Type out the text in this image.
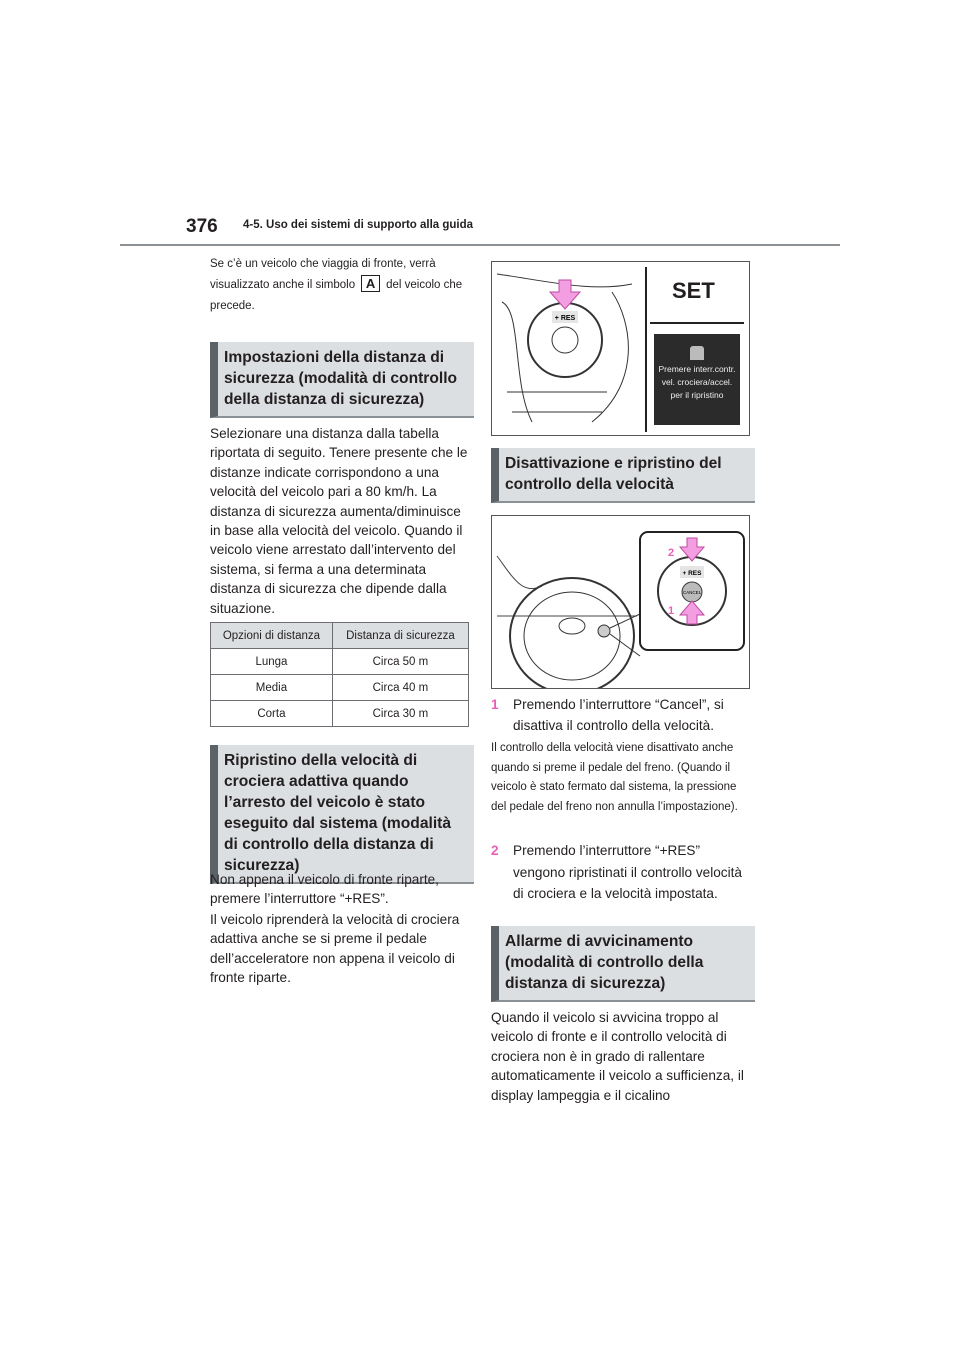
376 4-5. Uso dei sistemi di supporto alla guida
Se c’è un veicolo che viaggia di fronte, verrà visualizzato anche il simbolo A del veicolo che precede.
Impostazioni della distanza di sicurezza (modalità di controllo della distanza di sicurezza)
Selezionare una distanza dalla tabella riportata di seguito. Tenere presente che le distanze indicate corrispondono a una velocità del veicolo pari a 80 km/h. La distanza di sicurezza aumenta/diminuisce in base alla velocità del veicolo. Quando il veicolo viene arrestato dall’intervento del sistema, si ferma a una determinata distanza di sicurezza che dipende dalla situazione.
Opzioni di distanza	Distanza di sicurezza
Lunga	Circa 50 m
Media	Circa 40 m
Corta	Circa 30 m
Ripristino della velocità di crociera adattiva quando l’arresto del veicolo è stato eseguito dal sistema (modalità di controllo della distanza di sicurezza)
Non appena il veicolo di fronte riparte, premere l’interruttore “+RES”.
Il veicolo riprenderà la velocità di crociera adattiva anche se si preme il pedale dell’acceleratore non appena il veicolo di fronte riparte.
+ RES
SET
Premere interr.contr.
vel. crociera/accel.
per il ripristino
Disattivazione e ripristino del controllo della velocità
+ RES
CANCEL
2
1
1	Premendo l’interruttore “Cancel”, si disattiva il controllo della velocità.
Il controllo della velocità viene disattivato anche quando si preme il pedale del freno. (Quando il veicolo è stato fermato dal sistema, la pressione del pedale del freno non annulla l’impostazione).
2	Premendo l’interruttore “+RES” vengono ripristinati il controllo velocità di crociera e la velocità impostata.
Allarme di avvicinamento (modalità di controllo della distanza di sicurezza)
Quando il veicolo si avvicina troppo al veicolo di fronte e il controllo velocità di crociera non è in grado di rallentare automaticamente il veicolo a sufficienza, il display lampeggia e il cicalino
